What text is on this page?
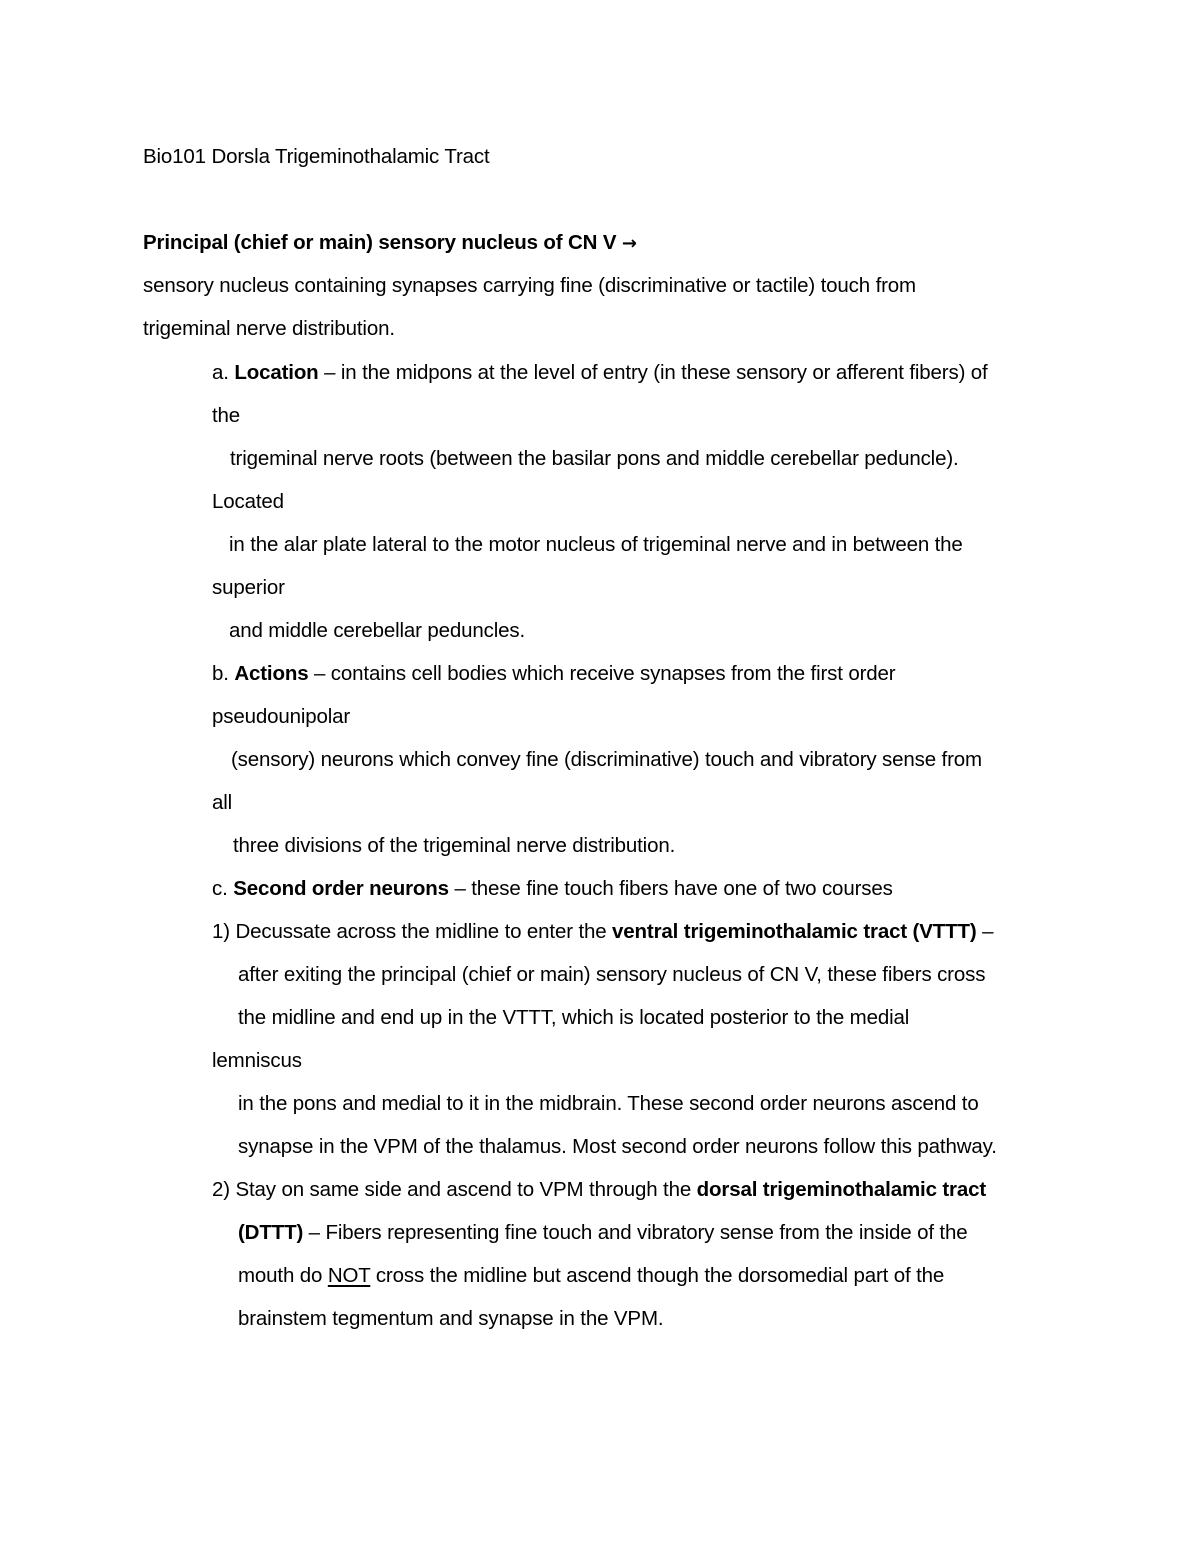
Bio101 Dorsla Trigeminothalamic Tract
Principal (chief or main) sensory nucleus of CN V →
sensory nucleus containing synapses carrying fine (discriminative or tactile) touch from
trigeminal nerve distribution.
a. Location – in the midpons at the level of entry (in these sensory or afferent fibers) of
the
trigeminal nerve roots (between the basilar pons and middle cerebellar peduncle).
Located
in the alar plate lateral to the motor nucleus of trigeminal nerve and in between the
superior
and middle cerebellar peduncles.
b. Actions – contains cell bodies which receive synapses from the first order
pseudounipolar
(sensory) neurons which convey fine (discriminative) touch and vibratory sense from
all
three divisions of the trigeminal nerve distribution.
c. Second order neurons – these fine touch fibers have one of two courses
1) Decussate across the midline to enter the ventral trigeminothalamic tract (VTTT) –
after exiting the principal (chief or main) sensory nucleus of CN V, these fibers cross
the midline and end up in the VTTT, which is located posterior to the medial
lemniscus
in the pons and medial to it in the midbrain. These second order neurons ascend to
synapse in the VPM of the thalamus. Most second order neurons follow this pathway.
2) Stay on same side and ascend to VPM through the dorsal trigeminothalamic tract
(DTTT) – Fibers representing fine touch and vibratory sense from the inside of the
mouth do NOT cross the midline but ascend though the dorsomedial part of the
brainstem tegmentum and synapse in the VPM.
